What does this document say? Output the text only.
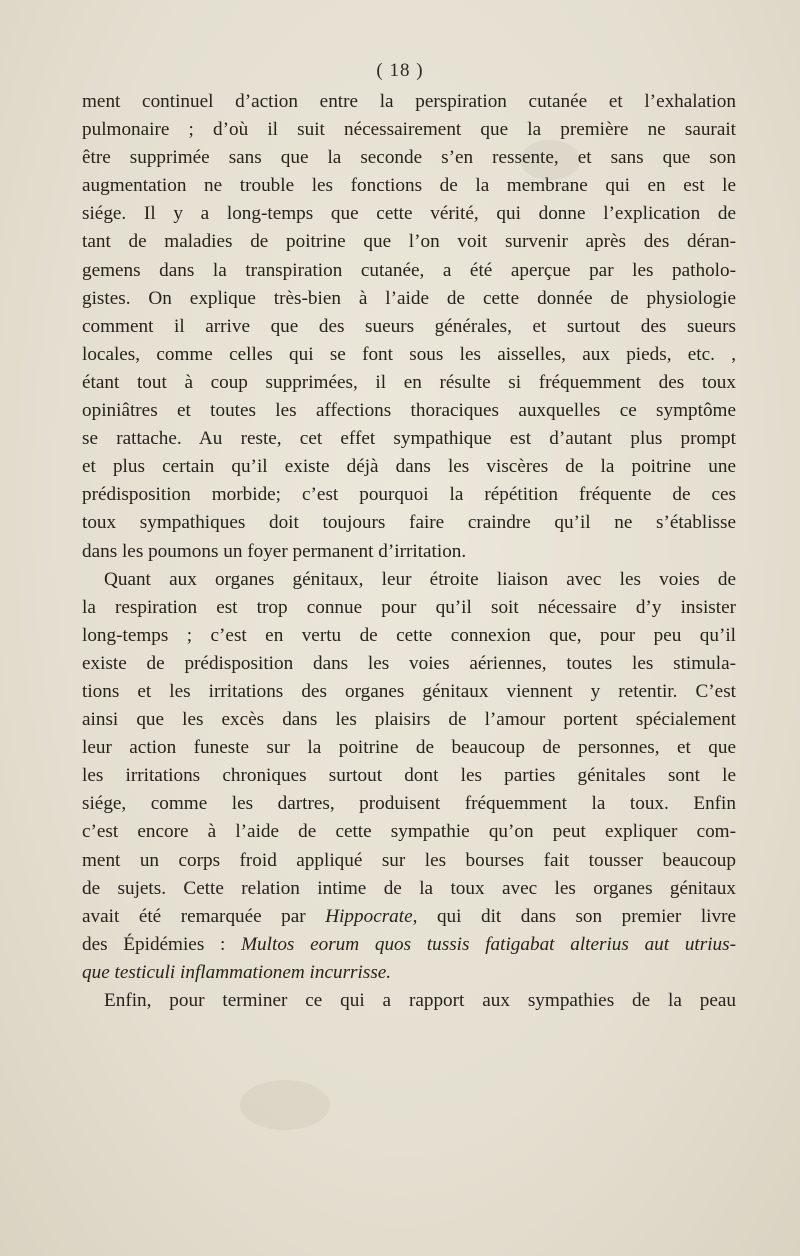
( 18 )
ment continuel d’action entre la perspiration cutanée et l’exhalation
pulmonaire ; d’où il suit nécessairement que la première ne saurait
être supprimée sans que la seconde s’en ressente, et sans que son
augmentation ne trouble les fonctions de la membrane qui en est le
siége. Il y a long-temps que cette vérité, qui donne l’explication de
tant de maladies de poitrine que l’on voit survenir après des déran-
gemens dans la transpiration cutanée, a été aperçue par les patholo-
gistes. On explique très-bien à l’aide de cette donnée de physiologie
comment il arrive que des sueurs générales, et surtout des sueurs
locales, comme celles qui se font sous les aisselles, aux pieds, etc. ,
étant tout à coup supprimées, il en résulte si fréquemment des toux
opiniâtres et toutes les affections thoraciques auxquelles ce symptôme
se rattache. Au reste, cet effet sympathique est d’autant plus prompt
et plus certain qu’il existe déjà dans les viscères de la poitrine une
prédisposition morbide; c’est pourquoi la répétition fréquente de ces
toux sympathiques doit toujours faire craindre qu’il ne s’établisse
dans les poumons un foyer permanent d’irritation.
Quant aux organes génitaux, leur étroite liaison avec les voies de
la respiration est trop connue pour qu’il soit nécessaire d’y insister
long-temps ; c’est en vertu de cette connexion que, pour peu qu’il
existe de prédisposition dans les voies aériennes, toutes les stimula-
tions et les irritations des organes génitaux viennent y retentir. C’est
ainsi que les excès dans les plaisirs de l’amour portent spécialement
leur action funeste sur la poitrine de beaucoup de personnes, et que
les irritations chroniques surtout dont les parties génitales sont le
siége, comme les dartres, produisent fréquemment la toux. Enfin
c’est encore à l’aide de cette sympathie qu’on peut expliquer com-
ment un corps froid appliqué sur les bourses fait tousser beaucoup
de sujets. Cette relation intime de la toux avec les organes génitaux
avait été remarquée par Hippocrate, qui dit dans son premier livre
des Épidémies : Multos eorum quos tussis fatigabat alterius aut utrius-
que testiculi inflammationem incurrisse.
Enfin, pour terminer ce qui a rapport aux sympathies de la peau
